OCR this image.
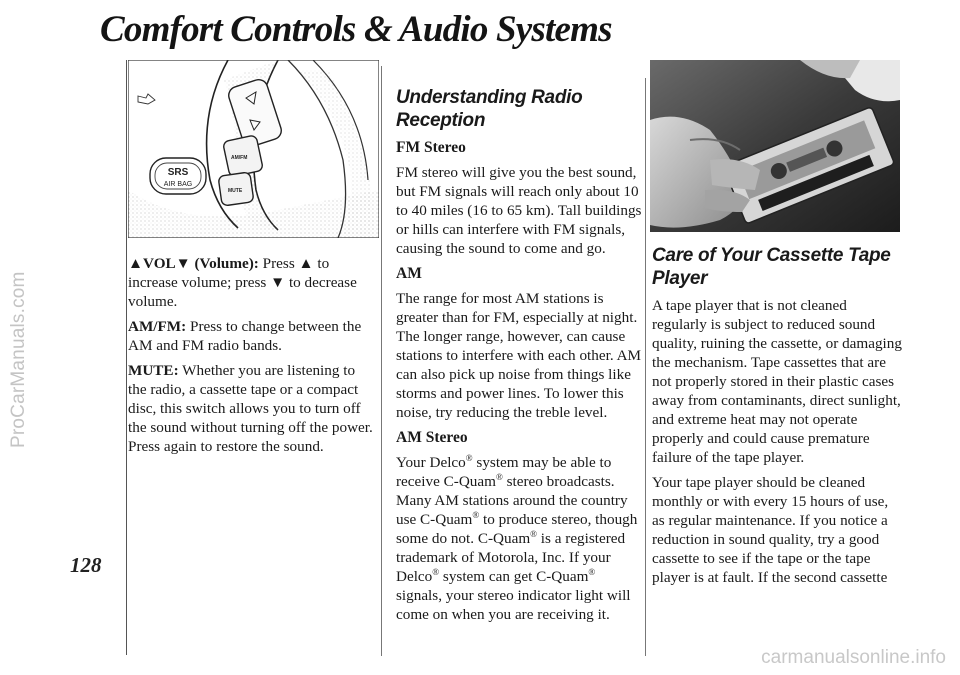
ProCarManuals.com
carmanualsonline.info
Comfort Controls & Audio Systems
128
AM/FM
MUTE
SRS
AIR BAG

▲VOL▼ (Volume): Press ▲ to increase volume; press ▼ to decrease volume.

AM/FM: Press to change between the AM and FM radio bands.

MUTE: Whether you are listening to the radio, a cassette tape or a compact disc, this switch allows you to turn off the sound without turning off the power. Press again to restore the sound.

Understanding Radio Reception
FM Stereo

FM stereo will give you the best sound, but FM signals will reach only about 10 to 40 miles (16 to 65 km). Tall buildings or hills can interfere with FM signals, causing the sound to come and go.

AM

The range for most AM stations is greater than for FM, especially at night. The longer range, however, can cause stations to interfere with each other. AM can also pick up noise from things like storms and power lines. To lower this noise, try reducing the treble level.

AM Stereo

Your Delco® system may be able to receive C-Quam® stereo broadcasts. Many AM stations around the country use C-Quam® to produce stereo, though some do not. C-Quam® is a registered trademark of Motorola, Inc. If your Delco® system can get C-Quam® signals, your stereo indicator light will come on when you are receiving it.

Care of Your Cassette Tape Player

A tape player that is not cleaned regularly is subject to reduced sound quality, ruining the cassette, or damaging the mechanism. Tape cassettes that are not properly stored in their plastic cases away from contaminants, direct sunlight, and extreme heat may not operate properly and could cause premature failure of the tape player.

Your tape player should be cleaned monthly or with every 15 hours of use, as regular maintenance. If you notice a reduction in sound quality, try a good cassette to see if the tape or the tape player is at fault. If the second cassette
